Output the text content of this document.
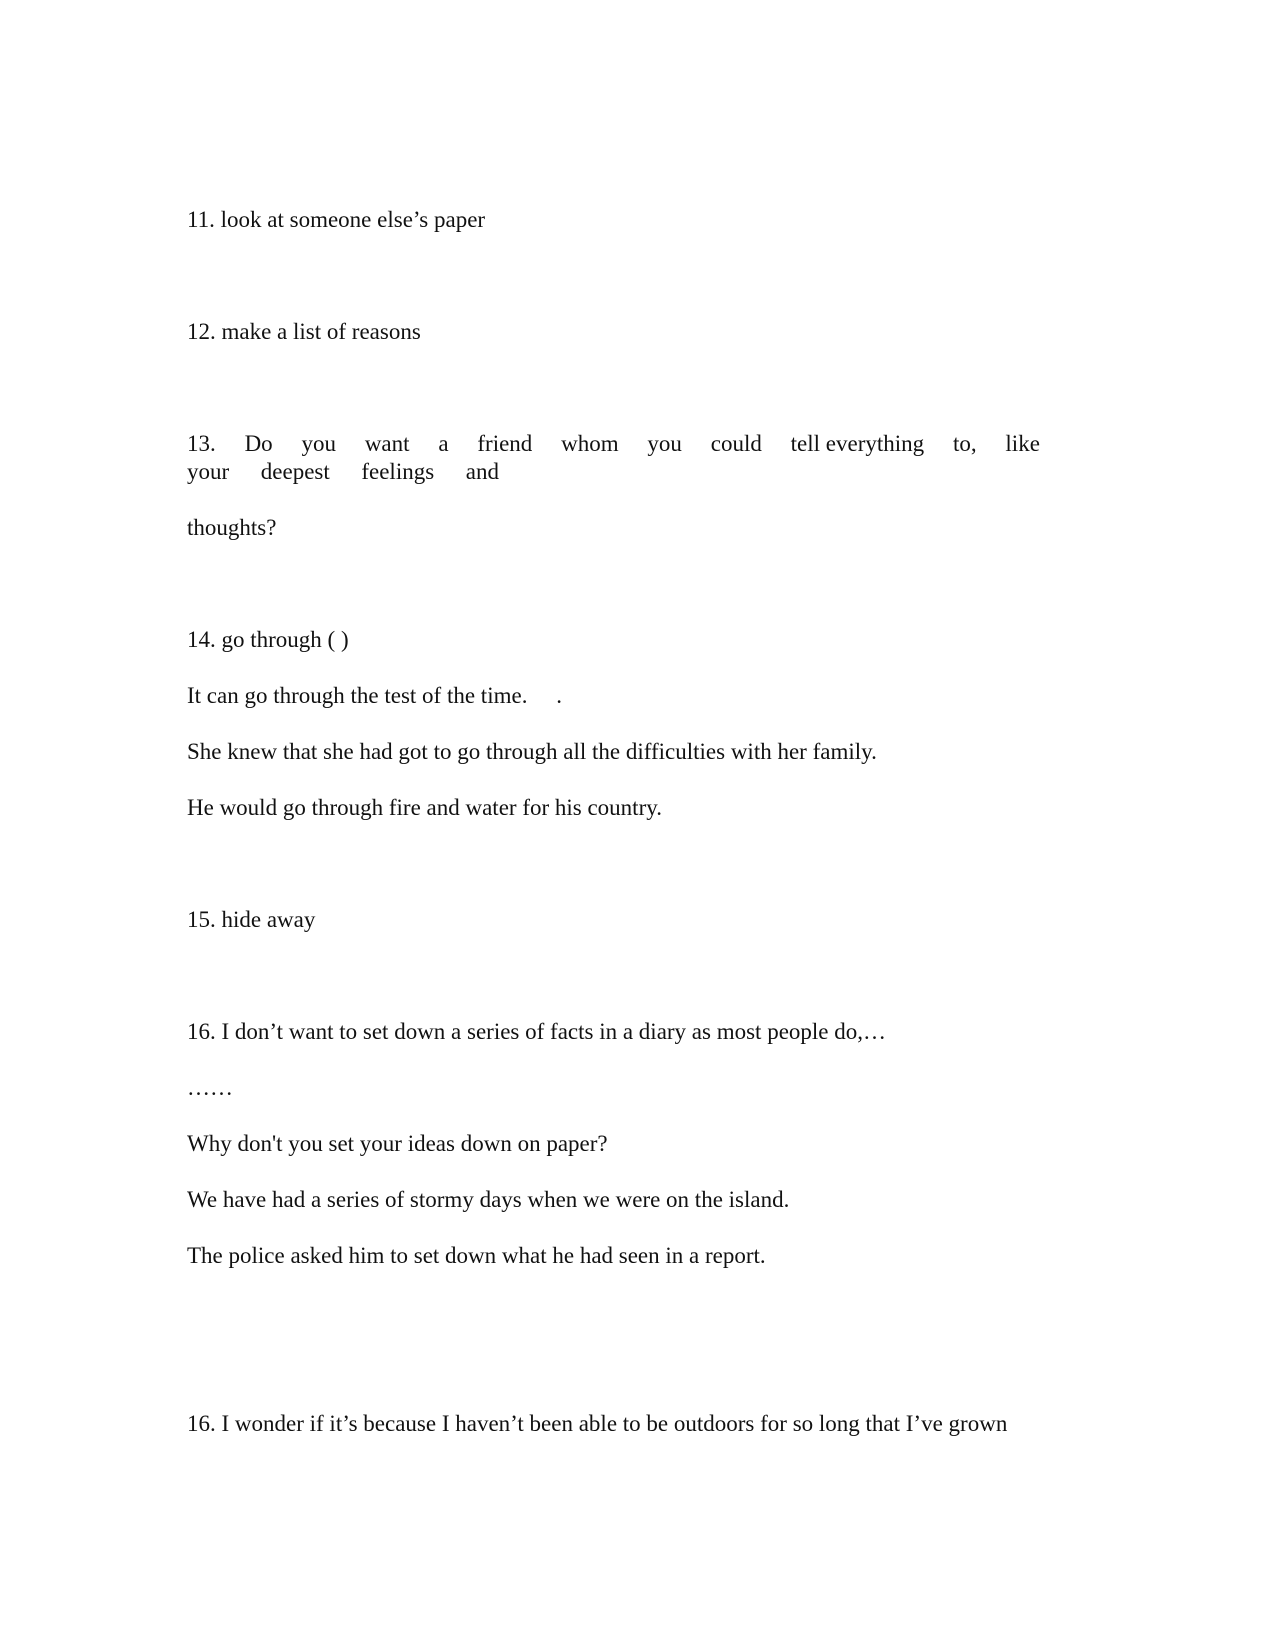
11. look at someone else’s paper
12. make a list of reasons
13. Do you want a friend whom you could tell everything to, like
your deepest feelings and
thoughts?
14. go through ( )
It can go through the test of the time.     .
She knew that she had got to go through all the difficulties with her family.
He would go through fire and water for his country.
15. hide away
16. I don’t want to set down a series of facts in a diary as most people do,…
……
Why don't you set your ideas down on paper?
We have had a series of stormy days when we were on the island.
The police asked him to set down what he had seen in a report.
16. I wonder if it’s because I haven’t been able to be outdoors for so long that I’ve grown
